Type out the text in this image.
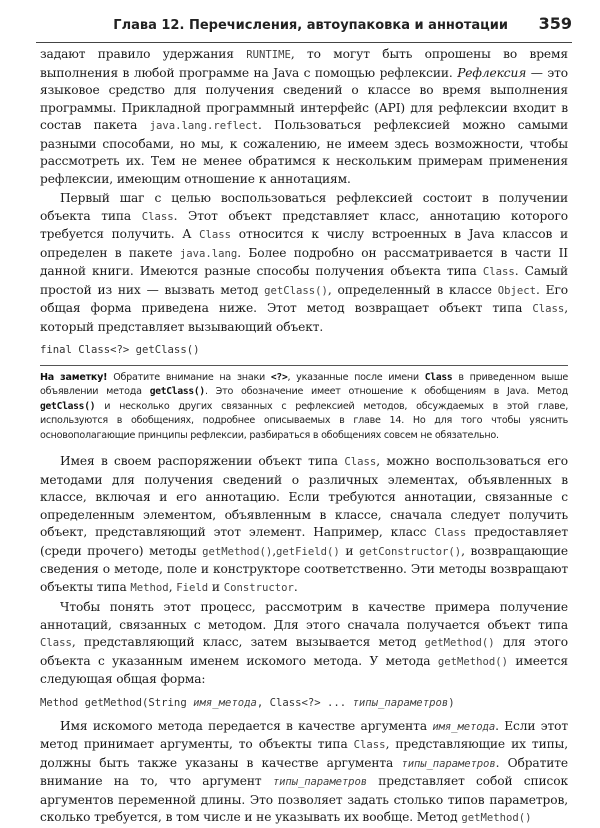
Глава 12. Перечисления, автоупаковка и аннотации 359

задают правило удержания RUNTIME, то могут быть опрошены во время выполнения в любой программе на Java с помощью рефлексии. Рефлексия — это языковое средство для получения сведений о классе во время выполнения программы. Прикладной программный интерфейс (API) для рефлексии входит в состав пакета java.lang.reflect. Пользоваться рефлексией можно самыми разными способами, но мы, к сожалению, не имеем здесь возможности, чтобы рассмотреть их. Тем не менее обратимся к нескольким примерам применения рефлексии, имеющим отношение к аннотациям.

Первый шаг с целью воспользоваться рефлексией состоит в получении объекта типа Class. Этот объект представляет класс, аннотацию которого требуется получить. А Class относится к числу встроенных в Java классов и определен в пакете java.lang. Более подробно он рассматривается в части II данной книги. Имеются разные способы получения объекта типа Class. Самый простой из них — вызвать метод getClass(), определенный в классе Object. Его общая форма приведена ниже. Этот метод возвращает объект типа Class, который представляет вызывающий объект.

final Class<?> getClass()
На заметку! Обратите внимание на знаки <?>, указанные после имени Class в приведенном выше объявлении метода getClass(). Это обозначение имеет отношение к обобщениям в Java. Метод getClass() и несколько других связанных с рефлексией методов, обсуждаемых в этой главе, используются в обобщениях, подробнее описываемых в главе 14. Но для того чтобы уяснить основополагающие принципы рефлексии, разбираться в обобщениях совсем не обязательно.

Имея в своем распоряжении объект типа Class, можно воспользоваться его методами для получения сведений о различных элементах, объявленных в классе, включая и его аннотацию. Если требуются аннотации, связанные с определенным элементом, объявленным в классе, сначала следует получить объект, представляющий этот элемент. Например, класс Class предоставляет (среди прочего) методы getMethod(),getField() и getConstructor(), возвращающие сведения о методе, поле и конструкторе соответственно. Эти методы возвращают объекты типа Method, Field и Constructor.

Чтобы понять этот процесс, рассмотрим в качестве примера получение аннотаций, связанных с методом. Для этого сначала получается объект типа Class, представляющий класс, затем вызывается метод getMethod() для этого объекта с указанным именем искомого метода. У метода getMethod() имеется следующая общая форма:

Method getMethod(String имя_метода, Class<?> ... типы_параметров)

Имя искомого метода передается в качестве аргумента имя_метода. Если этот метод принимает аргументы, то объекты типа Class, представляющие их типы, должны быть также указаны в качестве аргумента типы_параметров. Обратите внимание на то, что аргумент типы_параметров представляет собой список аргументов переменной длины. Это позволяет задать столько типов параметров, сколько требуется, в том числе и не указывать их вообще. Метод getMethod()
